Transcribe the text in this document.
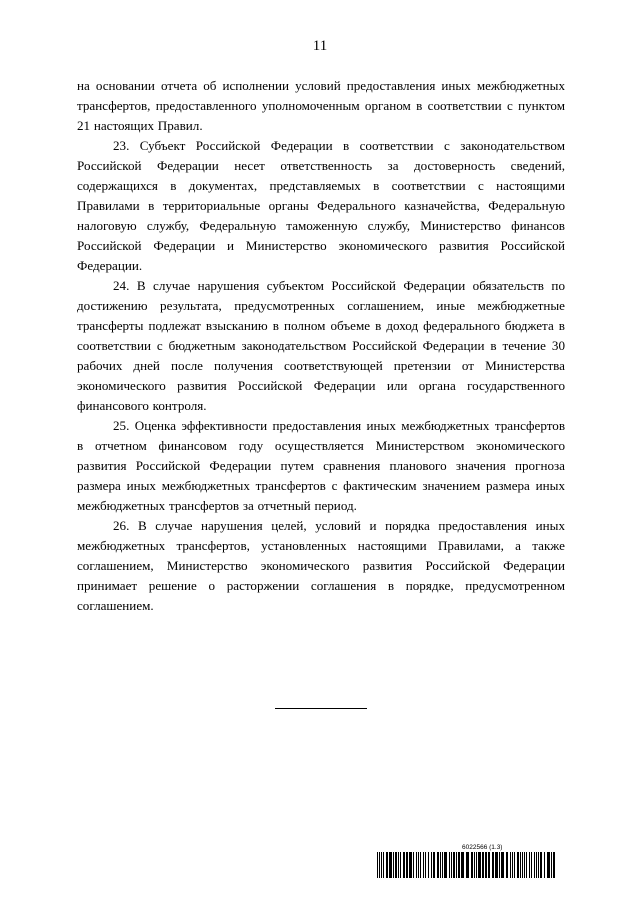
11

на основании отчета об исполнении условий предоставления иных межбюджетных трансфертов, предоставленного уполномоченным органом в соответствии с пунктом 21 настоящих Правил.

23. Субъект Российской Федерации в соответствии с законодательством Российской Федерации несет ответственность за достоверность сведений, содержащихся в документах, представляемых в соответствии с настоящими Правилами в территориальные органы Федерального казначейства, Федеральную налоговую службу, Федеральную таможенную службу, Министерство финансов Российской Федерации и Министерство экономического развития Российской Федерации.

24. В случае нарушения субъектом Российской Федерации обязательств по достижению результата, предусмотренных соглашением, иные межбюджетные трансферты подлежат взысканию в полном объеме в доход федерального бюджета в соответствии с бюджетным законодательством Российской Федерации в течение 30 рабочих дней после получения соответствующей претензии от Министерства экономического развития Российской Федерации или органа государственного финансового контроля.

25. Оценка эффективности предоставления иных межбюджетных трансфертов в отчетном финансовом году осуществляется Министерством экономического развития Российской Федерации путем сравнения планового значения прогноза размера иных межбюджетных трансфертов с фактическим значением размера иных межбюджетных трансфертов за отчетный период.

26. В случае нарушения целей, условий и порядка предоставления иных межбюджетных трансфертов, установленных настоящими Правилами, а также соглашением, Министерство экономического развития Российской Федерации принимает решение о расторжении соглашения в порядке, предусмотренном соглашением.

6022566 (1.3)
